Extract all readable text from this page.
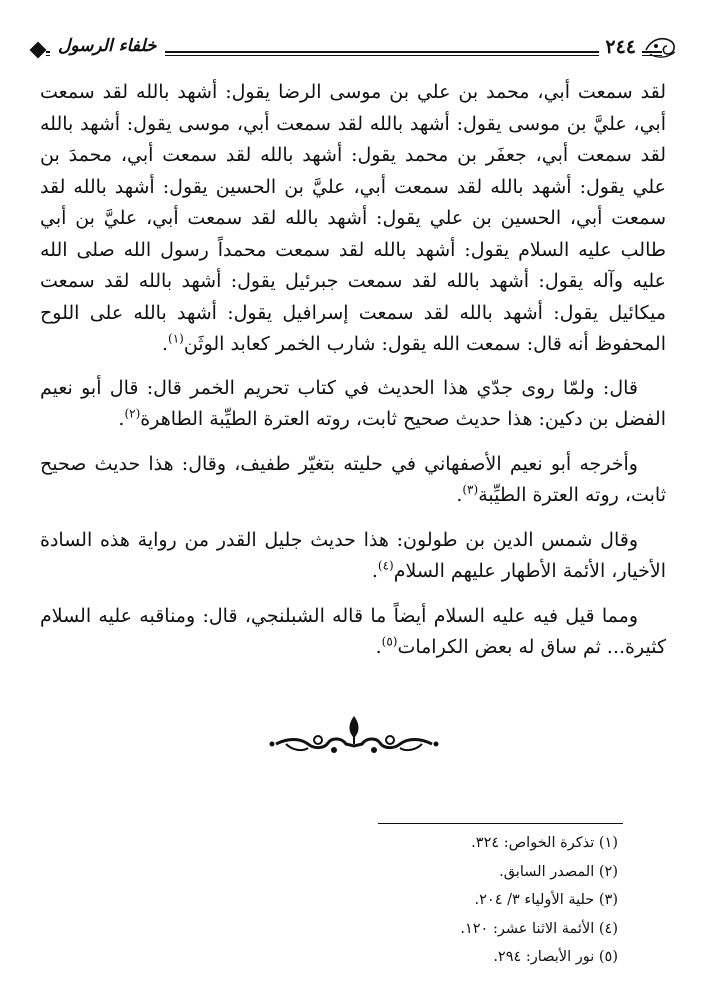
خلفاء الرسول	٢٤٤

لقد سمعت أبي، محمد بن علي بن موسى الرضا يقول: أشهد بالله لقد سمعت أبي، عليَّ بن موسى يقول: أشهد بالله لقد سمعت أبي، موسى يقول: أشهد بالله لقد سمعت أبي، جعفَر بن محمد يقول: أشهد بالله لقد سمعت أبي، محمدَ بن علي يقول: أشهد بالله لقد سمعت أبي، عليَّ بن الحسين يقول: أشهد بالله لقد سمعت أبي، الحسين بن علي يقول: أشهد بالله لقد سمعت أبي، عليَّ بن أبي طالب عليه السلام يقول: أشهد بالله لقد سمعت محمداً رسول الله صلى الله عليه وآله يقول: أشهد بالله لقد سمعت جبرئيل يقول: أشهد بالله لقد سمعت ميكائيل يقول: أشهد بالله لقد سمعت إسرافيل يقول: أشهد بالله على اللوح المحفوظ أنه قال: سمعت الله يقول: شارب الخمر كعابد الوثَن$^{(١)}$.

قال: ولمّا روى جدّي هذا الحديث في كتاب تحريم الخمر قال: قال أبو نعيم الفضل بن دكين: هذا حديث صحيح ثابت، روته العترة الطيِّبة الطاهرة$^{(٢)}$.

وأخرجه أبو نعيم الأصفهاني في حليته بتغيّر طفيف، وقال: هذا حديث صحيح ثابت، روته العترة الطيِّبة$^{(٣)}$.

وقال شمس الدين بن طولون: هذا حديث جليل القدر من رواية هذه السادة الأخيار، الأئمة الأطهار عليهم السلام$^{(٤)}$.

ومما قيل فيه عليه السلام أيضاً ما قاله الشبلنجي، قال: ومناقبه عليه السلام كثيرة... ثم ساق له بعض الكرامات$^{(٥)}$.

(١) تذكرة الخواص: ٣٢٤.
(٢) المصدر السابق.
(٣) حلية الأولياء ٣/ ٢٠٤.
(٤) الأئمة الاثنا عشر: ١٢٠.
(٥) نور الأبصار: ٢٩٤.
